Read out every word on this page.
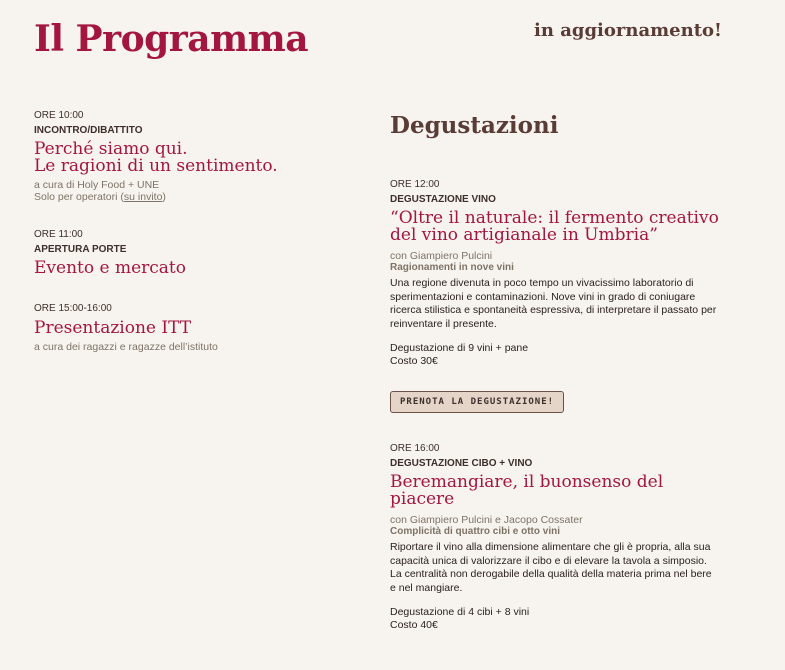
Il Programma	in aggiornamento!

ORE 10:00

INCONTRO/DIBATTITO

Perché siamo qui.
Le ragioni di un sentimento.

a cura di Holy Food + UNE
Solo per operatori (su invito)

ORE 11:00

APERTURA PORTE

Evento e mercato

ORE 15:00-16:00

Presentazione ITT

a cura dei ragazzi e ragazze dell’istituto

Degustazioni

ORE 12:00

DEGUSTAZIONE VINO

“Oltre il naturale: il fermento creativo del vino artigianale in Umbria”

con Giampiero Pulcini

Ragionamenti in nove vini

Una regione divenuta in poco tempo un vivacissimo laboratorio di sperimentazioni e contaminazioni. Nove vini in grado di coniugare ricerca stilistica e spontaneità espressiva, di interpretare il passato per reinventare il presente.

Degustazione di 9 vini + pane
Costo 30€

PRENOTA LA DEGUSTAZIONE!

ORE 16:00

DEGUSTAZIONE CIBO + VINO

Beremangiare, il buonsenso del piacere

con Giampiero Pulcini e Jacopo Cossater

Complicità di quattro cibi e otto vini

Riportare il vino alla dimensione alimentare che gli è propria, alla sua capacità unica di valorizzare il cibo e di elevare la tavola a simposio. La centralità non derogabile della qualità della materia prima nel bere e nel mangiare.

Degustazione di 4 cibi + 8 vini
Costo 40€
